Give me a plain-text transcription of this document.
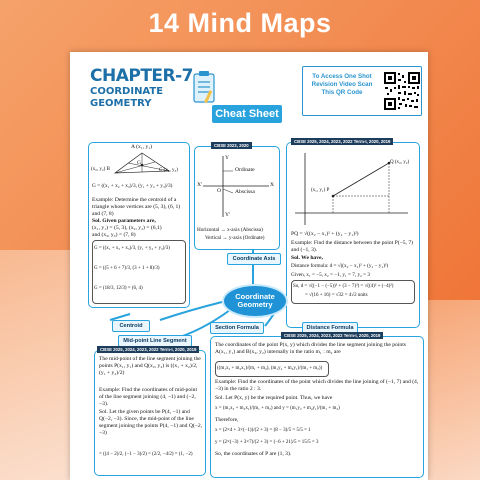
14 Mind Maps
CHAPTER-7
COORDINATE GEOMETRY
Cheat Sheet
To Access One Shot Revision Video Scan This QR Code
A (x₁, y₁)
(x₂, y₂) B	C (x₃, y₃)
G
G = ((x₁ + x₂ + x₃)/3, (y₁ + y₂ + y₃)/3)
Example: Determine the centroid of a triangle whose vertices are (5, 3), (6, 1) and (7, 8)
Sol. Given parameters are,
(x₁, y₁) = (5, 3), (x₂, y₂) = (6,1)
and (x₃, y₃) = (7, 8)
G = ((x₁ + x₂ + x₃)/3, (y₁ + y₂ + y₃)/3)
G = ((5 + 6 + 7)/3, (3 + 1 + 8)/3)
G = (18/3, 12/3) = (6, 4)
CBSE 2023, 2020
Ordinate
Abscissa
X
X'
Y
Y'
O
Horizontal → x-axis (Abscissa)
Vertical → y-axis (Ordinate)
Coordinate Axis
CBSE 2025, 2024, 2023, 2022 Term-I, 2020, 2019
Q (x₂, y₂)
(x₁, y₁) P
PQ = √((x₂ − x₁)² + (y₂ − y₁)²)
Example: Find the distance between the point P(−5, 7) and (−1, 3).
Sol. We have,
Distance formula: d = √((x₂ − x₁)² + (y₂ − y₁)²)
Given, x₁ = −5, x₂ = −1, y₁ = 7, y₂ = 3
So, d = √((−1 − (−5))² + (3 − 7)²) = √((4)² + (−4)²)
= √(16 + 16) = √32 = 4√2 units
Coordinate Geometry
Centroid
Mid-point Line Segment
Section Formula	Distance Formula
CBSE 2025, 2024, 2023, 2022 Term-I, 2020, 2019
The mid-point of the line segment joining the points P(x₁, y₁) and Q(x₂, y₂) is ((x₁ + x₂)/2, (y₁ + y₂)/2)
Example: Find the coordinates of mid-point of the line segment joining (4, −1) and (−2, −3).
Sol. Let the given points be P(4, −1) and Q(−2, −3). Since, the mid-point of the line segment joining the points P(4, −1) and Q(−2, −3)
= ((4 − 2)/2, (−1 − 3)/2) = (2/2, −4/2) = (1, −2)
CBSE 2025, 2024, 2023, 2022 Term-I, 2020, 2019
The coordinates of the point P(x, y) which divides the line segment joining the points A(x₁, y₁) and B(x₂, y₂) internally in the ratio m₁ : m₂ are
((m₁x₂ + m₂x₁)/(m₁ + m₂), (m₁y₂ + m₂y₁)/(m₁ + m₂))
Example: Find the coordinates of the point which divides the line joining of (−1, 7) and (4, −3) in the ratio 2 : 3.
Sol. Let P(x, y) be the required point. Thus, we have
x = (m₁x₂ + m₂x₁)/(m₁ + m₂) and y = (m₁y₂ + m₂y₁)/(m₁ + m₂)
Therefore,
x = (2×4 + 3×(−1))/(2 + 3) = (8 − 3)/5 = 5/5 = 1
y = (2×(−3) + 3×7)/(2 + 3) = (−6 + 21)/5 = 15/5 = 3
So, the coordinates of P are (1, 3).
